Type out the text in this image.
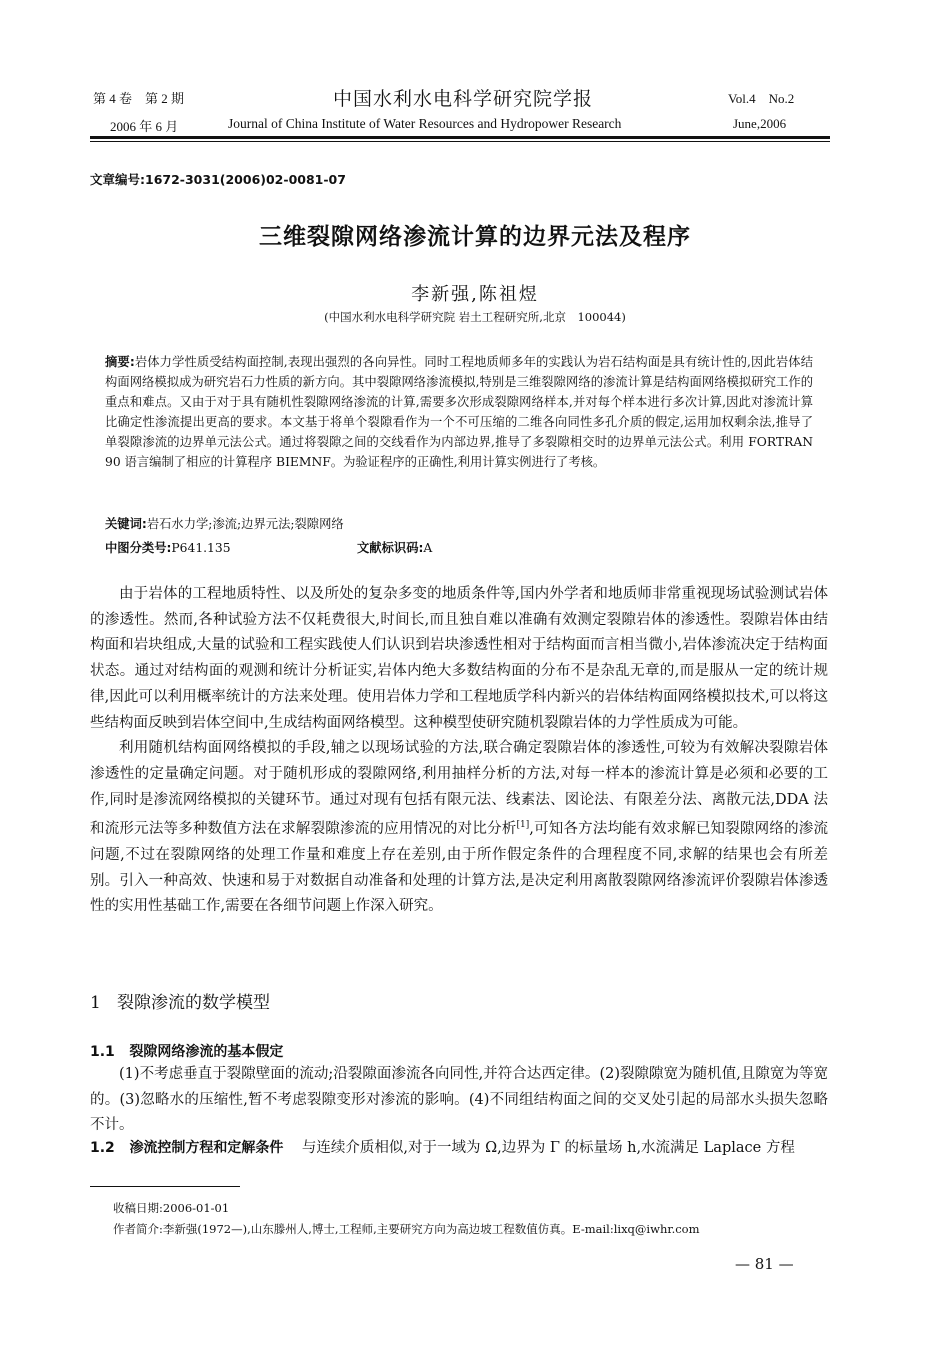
第 4 卷　第 2 期	中国水利水电科学研究院学报	Vol.4　No.2
2006 年 6 月	Journal of China Institute of Water Resources and Hydropower Research	June,2006
文章编号:1672-3031(2006)02-0081-07
三维裂隙网络渗流计算的边界元法及程序
李新强,陈祖煜
(中国水利水电科学研究院 岩土工程研究所,北京　100044)
摘要:岩体力学性质受结构面控制,表现出强烈的各向异性。同时工程地质师多年的实践认为岩石结构面是具有统计性的,因此岩体结构面网络模拟成为研究岩石力性质的新方向。其中裂隙网络渗流模拟,特别是三维裂隙网络的渗流计算是结构面网络模拟研究工作的重点和难点。又由于对于具有随机性裂隙网络渗流的计算,需要多次形成裂隙网络样本,并对每个样本进行多次计算,因此对渗流计算比确定性渗流提出更高的要求。本文基于将单个裂隙看作为一个不可压缩的二维各向同性多孔介质的假定,运用加权剩余法,推导了单裂隙渗流的边界单元法公式。通过将裂隙之间的交线看作为内部边界,推导了多裂隙相交时的边界单元法公式。利用 FORTRAN 90 语言编制了相应的计算程序 BIEMNF。为验证程序的正确性,利用计算实例进行了考核。
关键词:岩石水力学;渗流;边界元法;裂隙网络
中图分类号:P641.135	文献标识码:A

由于岩体的工程地质特性、以及所处的复杂多变的地质条件等,国内外学者和地质师非常重视现场试验测试岩体的渗透性。然而,各种试验方法不仅耗费很大,时间长,而且独自难以准确有效测定裂隙岩体的渗透性。裂隙岩体由结构面和岩块组成,大量的试验和工程实践使人们认识到岩块渗透性相对于结构面而言相当微小,岩体渗流决定于结构面状态。通过对结构面的观测和统计分析证实,岩体内绝大多数结构面的分布不是杂乱无章的,而是服从一定的统计规律,因此可以利用概率统计的方法来处理。使用岩体力学和工程地质学科内新兴的岩体结构面网络模拟技术,可以将这些结构面反映到岩体空间中,生成结构面网络模型。这种模型使研究随机裂隙岩体的力学性质成为可能。

利用随机结构面网络模拟的手段,辅之以现场试验的方法,联合确定裂隙岩体的渗透性,可较为有效解决裂隙岩体渗透性的定量确定问题。对于随机形成的裂隙网络,利用抽样分析的方法,对每一样本的渗流计算是必须和必要的工作,同时是渗流网络模拟的关键环节。通过对现有包括有限元法、线素法、図论法、有限差分法、离散元法,DDA 法和流形元法等多种数值方法在求解裂隙渗流的应用情况的对比分析[1],可知各方法均能有效求解已知裂隙网络的渗流问题,不过在裂隙网络的处理工作量和难度上存在差别,由于所作假定条件的合理程度不同,求解的结果也会有所差别。引入一种高效、快速和易于对数据自动准备和处理的计算方法,是决定利用离散裂隙网络渗流评价裂隙岩体渗透性的实用性基础工作,需要在各细节问题上作深入研究。

1 裂隙渗流的数学模型
1.1 裂隙网络渗流的基本假定

(1)不考虑垂直于裂隙壁面的流动;沿裂隙面渗流各向同性,并符合达西定律。(2)裂隙隙宽为随机值,且隙宽为等宽的。(3)忽略水的压缩性,暂不考虑裂隙变形对渗流的影响。(4)不同组结构面之间的交叉处引起的局部水头损失忽略不计。

1.2 渗流控制方程和定解条件 与连续介质相似,对于一域为 Ω,边界为 Γ 的标量场 h,水流满足 Laplace 方程
收稿日期:2006-01-01
作者简介:李新强(1972—),山东滕州人,博士,工程师,主要研究方向为高边坡工程数值仿真。E-mail:lixq@iwhr.com
— 81 —
